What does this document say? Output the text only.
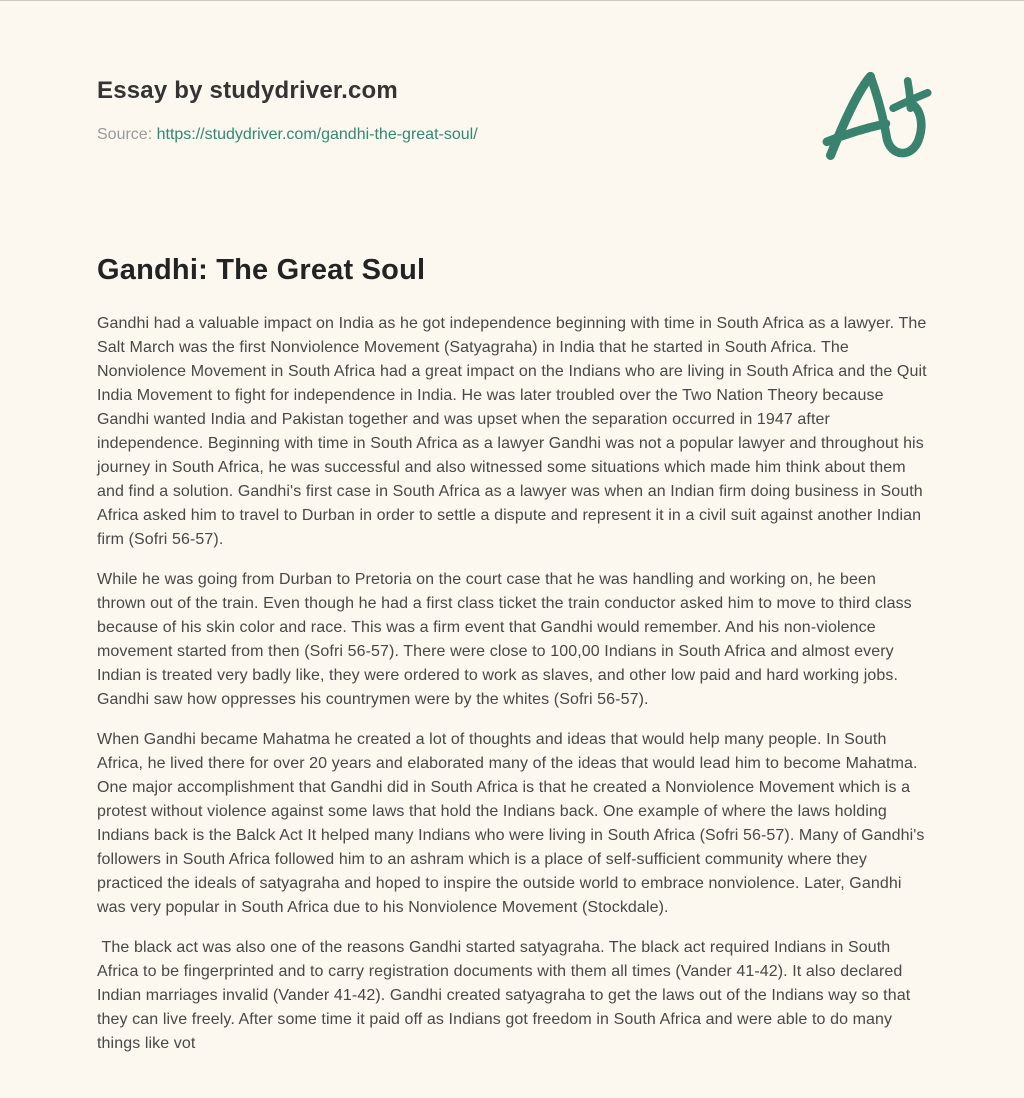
Essay by studydriver.com

Source: https://studydriver.com/gandhi-the-great-soul/

Gandhi: The Great Soul

Gandhi had a valuable impact on India as he got independence beginning with time in South Africa as a lawyer. The Salt March was the first Nonviolence Movement (Satyagraha) in India that he started in South Africa. The Nonviolence Movement in South Africa had a great impact on the Indians who are living in South Africa and the Quit India Movement to fight for independence in India. He was later troubled over the Two Nation Theory because Gandhi wanted India and Pakistan together and was upset when the separation occurred in 1947 after independence. Beginning with time in South Africa as a lawyer Gandhi was not a popular lawyer and throughout his journey in South Africa, he was successful and also witnessed some situations which made him think about them and find a solution. Gandhi's first case in South Africa as a lawyer was when an Indian firm doing business in South Africa asked him to travel to Durban in order to settle a dispute and represent it in a civil suit against another Indian firm (Sofri 56-57).

While he was going from Durban to Pretoria on the court case that he was handling and working on, he been thrown out of the train. Even though he had a first class ticket the train conductor asked him to move to third class because of his skin color and race. This was a firm event that Gandhi would remember. And his non-violence movement started from then (Sofri 56-57). There were close to 100,00 Indians in South Africa and almost every Indian is treated very badly like, they were ordered to work as slaves, and other low paid and hard working jobs. Gandhi saw how oppresses his countrymen were by the whites (Sofri 56-57).

When Gandhi became Mahatma he created a lot of thoughts and ideas that would help many people. In South Africa, he lived there for over 20 years and elaborated many of the ideas that would lead him to become Mahatma. One major accomplishment that Gandhi did in South Africa is that he created a Nonviolence Movement which is a protest without violence against some laws that hold the Indians back. One example of where the laws holding Indians back is the Balck Act It helped many Indians who were living in South Africa (Sofri 56-57). Many of Gandhi's followers in South Africa followed him to an ashram which is a place of self-sufficient community where they practiced the ideals of satyagraha and hoped to inspire the outside world to embrace nonviolence. Later, Gandhi was very popular in South Africa due to his Nonviolence Movement (Stockdale).

The black act was also one of the reasons Gandhi started satyagraha. The black act required Indians in South Africa to be fingerprinted and to carry registration documents with them all times (Vander 41-42). It also declared Indian marriages invalid (Vander 41-42). Gandhi created satyagraha to get the laws out of the Indians way so that they can live freely. After some time it paid off as Indians got freedom in South Africa and were able to do many things like vot
